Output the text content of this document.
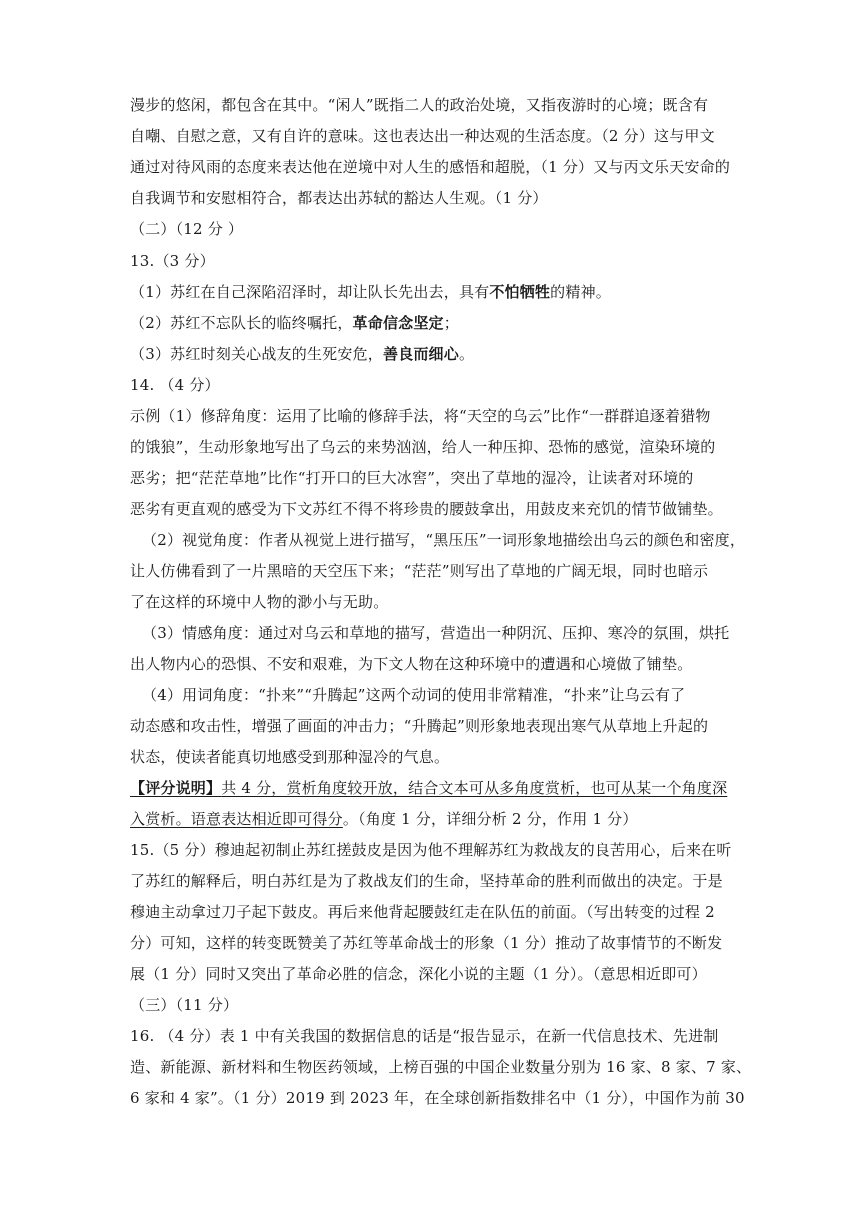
漫步的悠闲，都包含在其中。“闲人”既指二人的政治处境，又指夜游时的心境；既含有
自嘲、自慰之意，又有自许的意味。这也表达出一种达观的生活态度。（2 分）这与甲文
通过对待风雨的态度来表达他在逆境中对人生的感悟和超脱，（1 分）又与丙文乐天安命的
自我调节和安慰相符合，都表达出苏轼的豁达人生观。（1 分）
（二）（12 分 ）
13.（3 分）
（1）苏红在自己深陷沼泽时，却让队长先出去，具有不怕牺牲的精神。
（2）苏红不忘队长的临终嘱托，革命信念坚定；
（3）苏红时刻关心战友的生死安危，善良而细心。
14. （4 分）
示例（1）修辞角度：运用了比喻的修辞手法，将“天空的乌云”比作“一群群追逐着猎物
的饿狼”，生动形象地写出了乌云的来势汹汹，给人一种压抑、恐怖的感觉，渲染环境的
恶劣；把“茫茫草地”比作“打开口的巨大冰窖”，突出了草地的湿冷，让读者对环境的
恶劣有更直观的感受为下文苏红不得不将珍贵的腰鼓拿出，用鼓皮来充饥的情节做铺垫。
（2）视觉角度：作者从视觉上进行描写，“黑压压”一词形象地描绘出乌云的颜色和密度，
让人仿佛看到了一片黑暗的天空压下来；“茫茫”则写出了草地的广阔无垠，同时也暗示
了在这样的环境中人物的渺小与无助。
（3）情感角度：通过对乌云和草地的描写，营造出一种阴沉、压抑、寒冷的氛围，烘托
出人物内心的恐惧、不安和艰难，为下文人物在这种环境中的遭遇和心境做了铺垫。
（4）用词角度：“扑来”“升腾起”这两个动词的使用非常精准，“扑来”让乌云有了
动态感和攻击性，增强了画面的冲击力；“升腾起”则形象地表现出寒气从草地上升起的
状态，使读者能真切地感受到那种湿冷的气息。
【评分说明】共 4 分，赏析角度较开放，结合文本可从多角度赏析，也可从某一个角度深
入赏析。语意表达相近即可得分。（角度 1 分，详细分析 2 分，作用 1 分）
15.（5 分）穆迪起初制止苏红搓鼓皮是因为他不理解苏红为救战友的良苦用心，后来在听
了苏红的解释后，明白苏红是为了救战友们的生命，坚持革命的胜利而做出的决定。于是
穆迪主动拿过刀子起下鼓皮。再后来他背起腰鼓红走在队伍的前面。（写出转变的过程 2
分）可知，这样的转变既赞美了苏红等革命战士的形象（1 分）推动了故事情节的不断发
展（1 分）同时又突出了革命必胜的信念，深化小说的主题（1 分）。（意思相近即可）
（三）（11 分）
16. （4 分）表 1 中有关我国的数据信息的话是“报告显示，在新一代信息技术、先进制
造、新能源、新材料和生物医药领域，上榜百强的中国企业数量分别为 16 家、8 家、7 家、
6 家和 4 家”。（1 分）2019 到 2023 年，在全球创新指数排名中（1 分），中国作为前 30
